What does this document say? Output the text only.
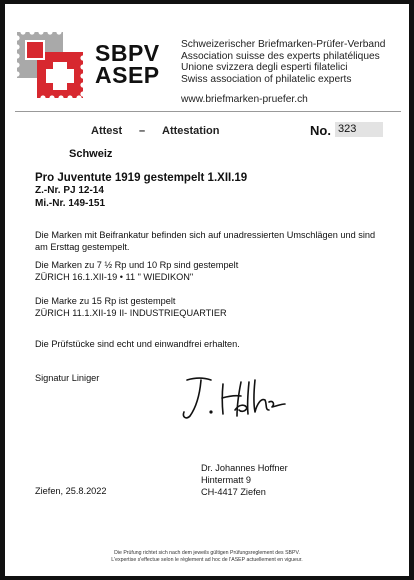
SBPV
ASEP
Schweizerischer Briefmarken-Prüfer-Verband
Association suisse des experts philatéliques
Unione svizzera degli esperti filatelici
Swiss association of philatelic experts
www.briefmarken-pruefer.ch
Attest – Attestation	No. 323
Schweiz
Pro Juventute 1919 gestempelt 1.XII.19
Z.-Nr. PJ 12-14
Mi.-Nr. 149-151
Die Marken mit Beifrankatur befinden sich auf unadressierten Umschlägen und sind
am Ersttag gestempelt.
Die Marken zu 7 ½ Rp und 10 Rp sind gestempelt
ZÜRICH 16.1.XII-19 • 11 " WIEDIKON"
Die Marke zu 15 Rp ist gestempelt
ZÜRICH 11.1.XII-19 II- INDUSTRIEQUARTIER
Die Prüfstücke sind echt und einwandfrei erhalten.
Signatur Liniger
Dr. Johannes Hoffner
Hintermatt 9
CH-4417 Ziefen
Ziefen, 25.8.2022
Die Prüfung richtet sich nach dem jeweils gültigen Prüfungsreglement des SBPV.
L'expertise s'effectue selon le règlement ad hoc de l'ASEP actuellement en vigueur.
